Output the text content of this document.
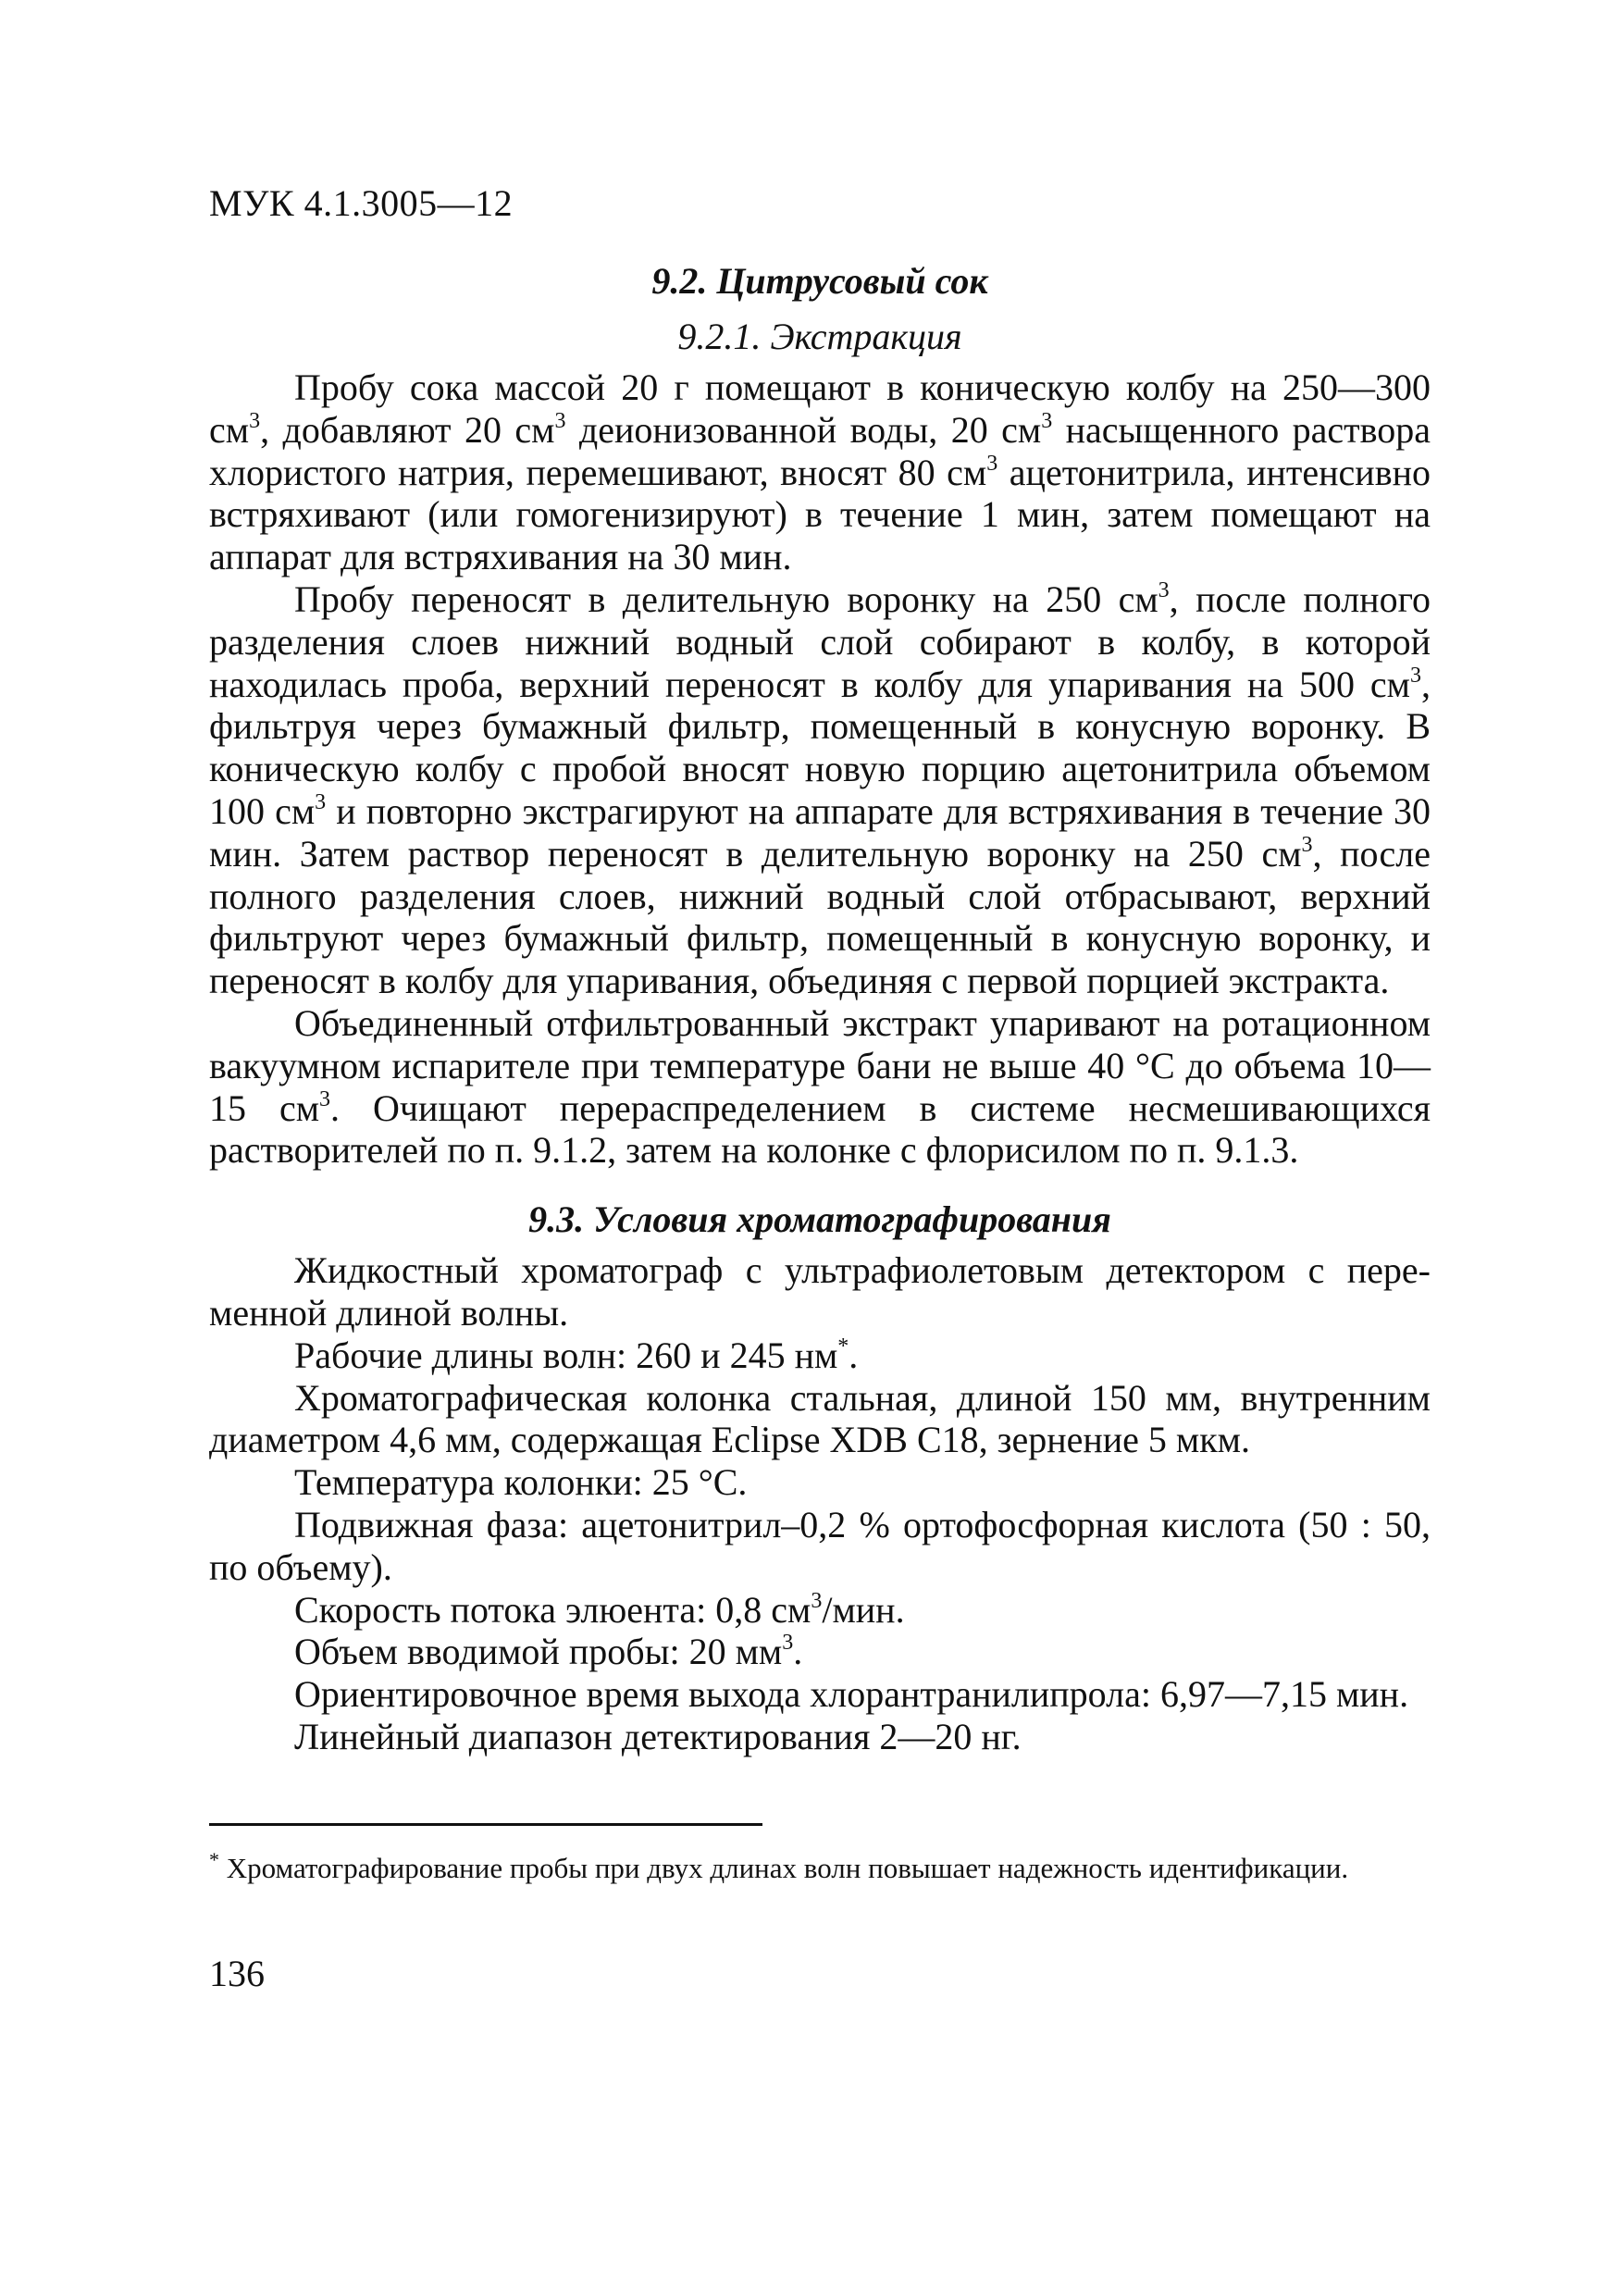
МУК 4.1.3005—12
9.2. Цитрусовый сок
9.2.1. Экстракция

Пробу сока массой 20 г помещают в коническую колбу на 250—300 $см^3$, добавляют 20 $см^3$ деионизованной воды, 20 $см^3$ насыщенного раствора хлористого натрия, перемешивают, вносят 80 $см^3$ ацетонитрила, интенсивно встряхивают (или гомогенизируют) в течение 1 мин, затем помещают на аппарат для встряхивания на 30 мин.

Пробу переносят в делительную воронку на 250 $см^3$, после полного разделения слоев нижний водный слой собирают в колбу, в которой находилась проба, верхний переносят в колбу для упаривания на 500 $см^3$, фильтруя через бумажный фильтр, помещенный в конусную воронку. В коническую колбу с пробой вносят новую порцию ацетонитрила объемом 100 $см^3$ и повторно экстрагируют на аппарате для встряхивания в течение 30 мин. Затем раствор переносят в делительную воронку на 250 $см^3$, после полного разделения слоев, нижний водный слой отбрасывают, верхний фильтруют через бумажный фильтр, помещенный в конусную воронку, и переносят в колбу для упаривания, объединяя с первой порцией экстракта.

Объединенный отфильтрованный экстракт упаривают на ротационном вакуумном испарителе при температуре бани не выше 40 °С до объема 10—15 $см^3$. Очищают перераспределением в системе несмешивающихся растворителей по п. 9.1.2, затем на колонке с флорисилом по п. 9.1.3.

9.3. Условия хроматографирования

Жидкостный хроматограф с ультрафиолетовым детектором с переменной длиной волны.

Рабочие длины волн: 260 и 245 нм*.

Хроматографическая колонка стальная, длиной 150 мм, внутренним диаметром 4,6 мм, содержащая Eclipse XDB C18, зернение 5 мкм.

Температура колонки: 25 °С.

Подвижная фаза: ацетонитрил–0,2 % ортофосфорная кислота (50 : 50, по объему).

Скорость потока элюента: 0,8 $см^3$/мин.

Объем вводимой пробы: 20 $мм^3$.

Ориентировочное время выхода хлорантранилипрола: 6,97—7,15 мин.

Линейный диапазон детектирования 2—20 нг.

* Хроматографирование пробы при двух длинах волн повышает надежность идентификации.
136
